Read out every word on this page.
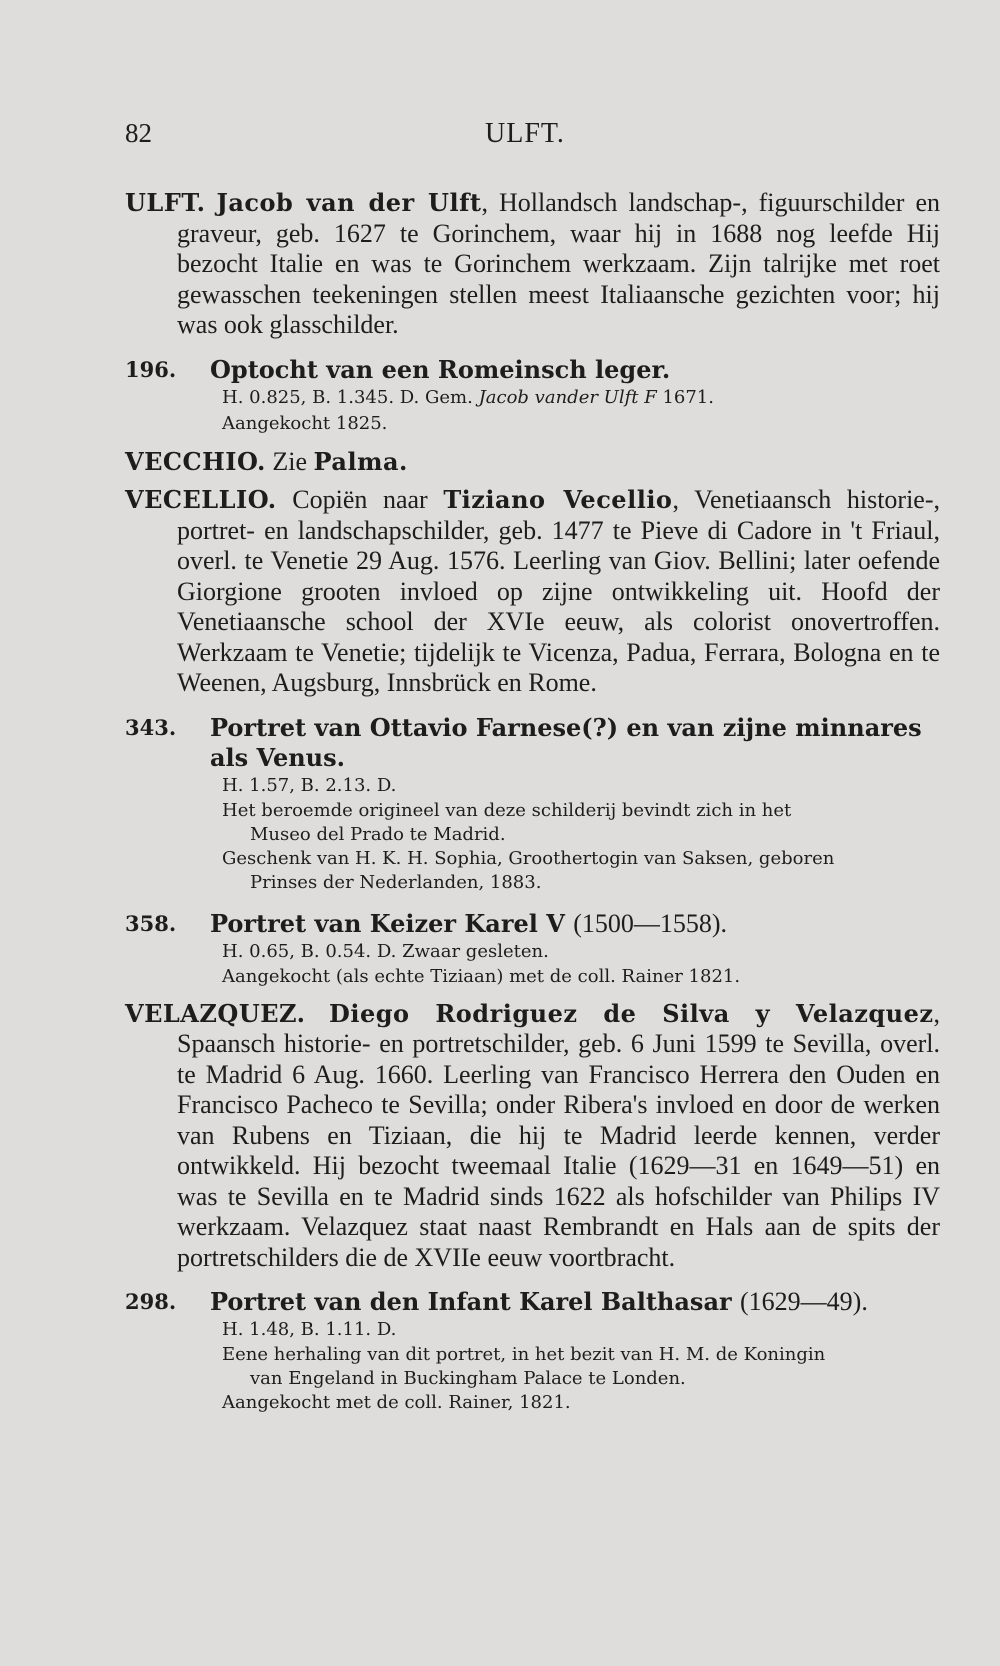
82	ULFT.

ULFT. Jacob van der Ulft, Hollandsch landschap-, figuurschilder en graveur, geb. 1627 te Gorinchem, waar hij in 1688 nog leefde Hij bezocht Italie en was te Gorinchem werkzaam. Zijn talrijke met roet gewasschen teekeningen stellen meest Italiaansche gezichten voor; hij was ook glasschilder.

196. Optocht van een Romeinsch leger.
H. 0.825, B. 1.345. D. Gem. Jacob vander Ulft F 1671.
Aangekocht 1825.

VECCHIO. Zie Palma.

VECELLIO. Copiën naar Tiziano Vecellio, Venetiaansch historie-, portret- en landschapschilder, geb. 1477 te Pieve di Cadore in 't Friaul, overl. te Venetie 29 Aug. 1576. Leerling van Giov. Bellini; later oefende Giorgione grooten invloed op zijne ontwikkeling uit. Hoofd der Venetiaansche school der XVIe eeuw, als colorist onovertroffen. Werkzaam te Venetie; tijdelijk te Vicenza, Padua, Ferrara, Bologna en te Weenen, Augsburg, Innsbrück en Rome.

343. Portret van Ottavio Farnese(?) en van zijne minnares als Venus.
H. 1.57, B. 2.13. D.
Het beroemde origineel van deze schilderij bevindt zich in het
Museo del Prado te Madrid.
Geschenk van H. K. H. Sophia, Groothertogin van Saksen, geboren
Prinses der Nederlanden, 1883.
358. Portret van Keizer Karel V (1500—1558).
H. 0.65, B. 0.54. D. Zwaar gesleten.
Aangekocht (als echte Tiziaan) met de coll. Rainer 1821.

VELAZQUEZ. Diego Rodriguez de Silva y Velazquez, Spaansch historie- en portretschilder, geb. 6 Juni 1599 te Sevilla, overl. te Madrid 6 Aug. 1660. Leerling van Francisco Herrera den Ouden en Francisco Pacheco te Sevilla; onder Ribera's invloed en door de werken van Rubens en Tiziaan, die hij te Madrid leerde kennen, verder ontwikkeld. Hij bezocht tweemaal Italie (1629—31 en 1649—51) en was te Sevilla en te Madrid sinds 1622 als hofschilder van Philips IV werkzaam. Velazquez staat naast Rembrandt en Hals aan de spits der portretschilders die de XVIIe eeuw voortbracht.

298. Portret van den Infant Karel Balthasar (1629—49).
H. 1.48, B. 1.11. D.
Eene herhaling van dit portret, in het bezit van H. M. de Koningin
van Engeland in Buckingham Palace te Londen.
Aangekocht met de coll. Rainer, 1821.
